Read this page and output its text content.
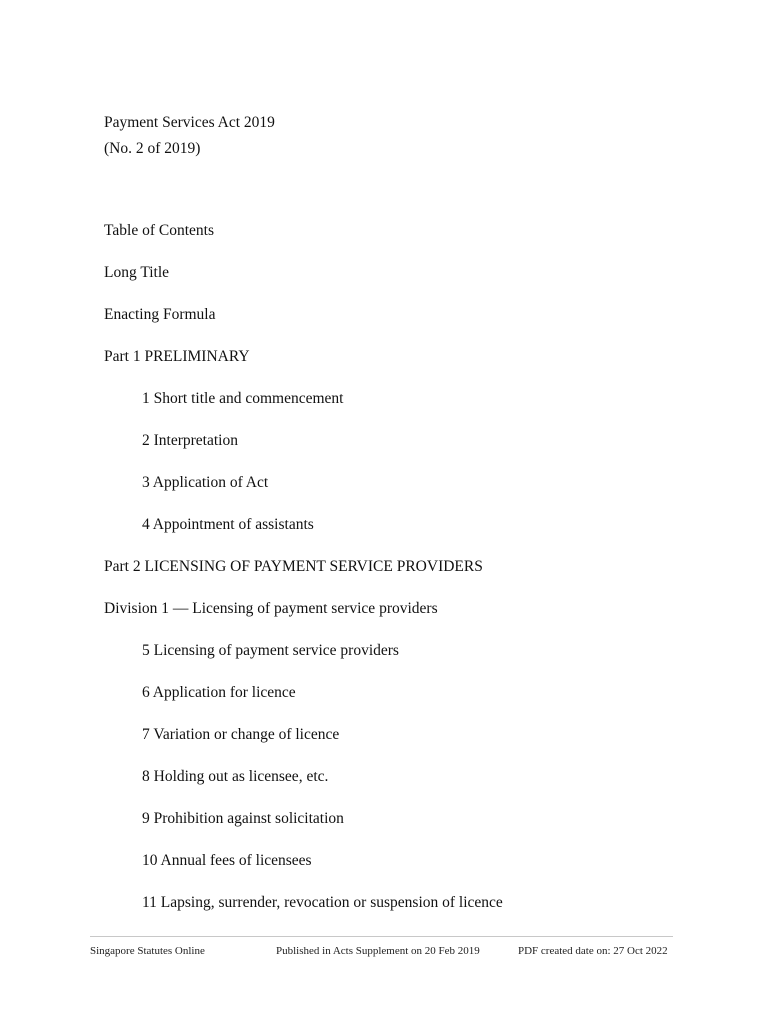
Payment Services Act 2019
(No. 2 of 2019)
Table of Contents
Long Title
Enacting Formula
Part 1 PRELIMINARY
1 Short title and commencement
2 Interpretation
3 Application of Act
4 Appointment of assistants
Part 2 LICENSING OF PAYMENT SERVICE PROVIDERS
Division 1 — Licensing of payment service providers
5 Licensing of payment service providers
6 Application for licence
7 Variation or change of licence
8 Holding out as licensee, etc.
9 Prohibition against solicitation
10 Annual fees of licensees
11 Lapsing, surrender, revocation or suspension of licence
Singapore Statutes Online	Published in Acts Supplement on 20 Feb 2019	PDF created date on: 27 Oct 2022
